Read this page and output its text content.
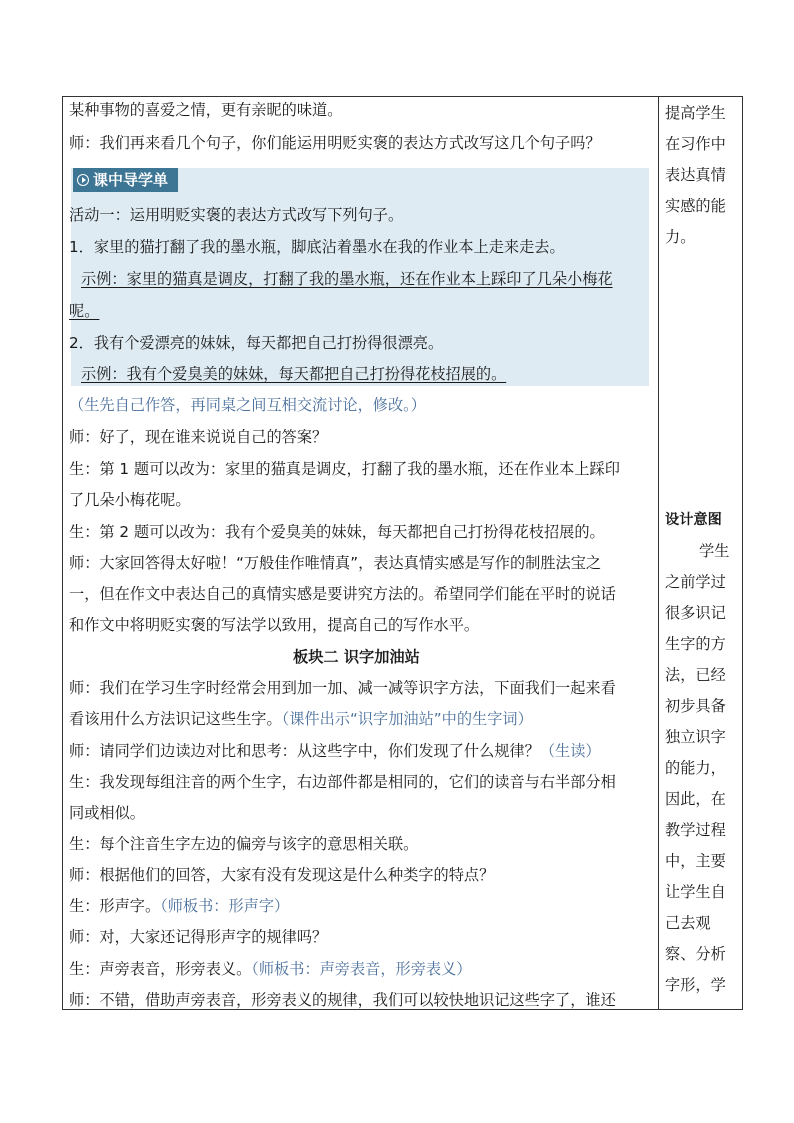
课中导学单
某种事物的喜爱之情，更有亲昵的味道。
师：我们再来看几个句子，你们能运用明贬实褒的表达方式改写这几个句子吗？
活动一：运用明贬实褒的表达方式改写下列句子。
1．家里的猫打翻了我的墨水瓶，脚底沾着墨水在我的作业本上走来走去。
示例：家里的猫真是调皮，打翻了我的墨水瓶，还在作业本上踩印了几朵小梅花
呢。
2．我有个爱漂亮的妹妹，每天都把自己打扮得很漂亮。
示例：我有个爱臭美的妹妹，每天都把自己打扮得花枝招展的。
（生先自己作答，再同桌之间互相交流讨论，修改。）
师：好了，现在谁来说说自己的答案？
生：第 1 题可以改为：家里的猫真是调皮，打翻了我的墨水瓶，还在作业本上踩印
了几朵小梅花呢。
生：第 2 题可以改为：我有个爱臭美的妹妹，每天都把自己打扮得花枝招展的。
师：大家回答得太好啦！“万般佳作唯情真”，表达真情实感是写作的制胜法宝之
一，但在作文中表达自己的真情实感是要讲究方法的。希望同学们能在平时的说话
和作文中将明贬实褒的写法学以致用，提高自己的写作水平。
板块二 识字加油站
师：我们在学习生字时经常会用到加一加、减一减等识字方法，下面我们一起来看
看该用什么方法识记这些生字。（课件出示“识字加油站”中的生字词）
师：请同学们边读边对比和思考：从这些字中，你们发现了什么规律？（生读）
生：我发现每组注音的两个生字，右边部件都是相同的，它们的读音与右半部分相
同或相似。
生：每个注音生字左边的偏旁与该字的意思相关联。
师：根据他们的回答，大家有没有发现这是什么种类字的特点？
生：形声字。（师板书：形声字）
师：对，大家还记得形声字的规律吗？
生：声旁表音，形旁表义。（师板书：声旁表音，形旁表义）
师：不错，借助声旁表音，形旁表义的规律，我们可以较快地识记这些字了，谁还
提高学生
在习作中
表达真情
实感的能
力。
设计意图
学生
之前学过
很多识记
生字的方
法，已经
初步具备
独立识字
的能力，
因此，在
教学过程
中，主要
让学生自
己去观
察、分析
字形，学
